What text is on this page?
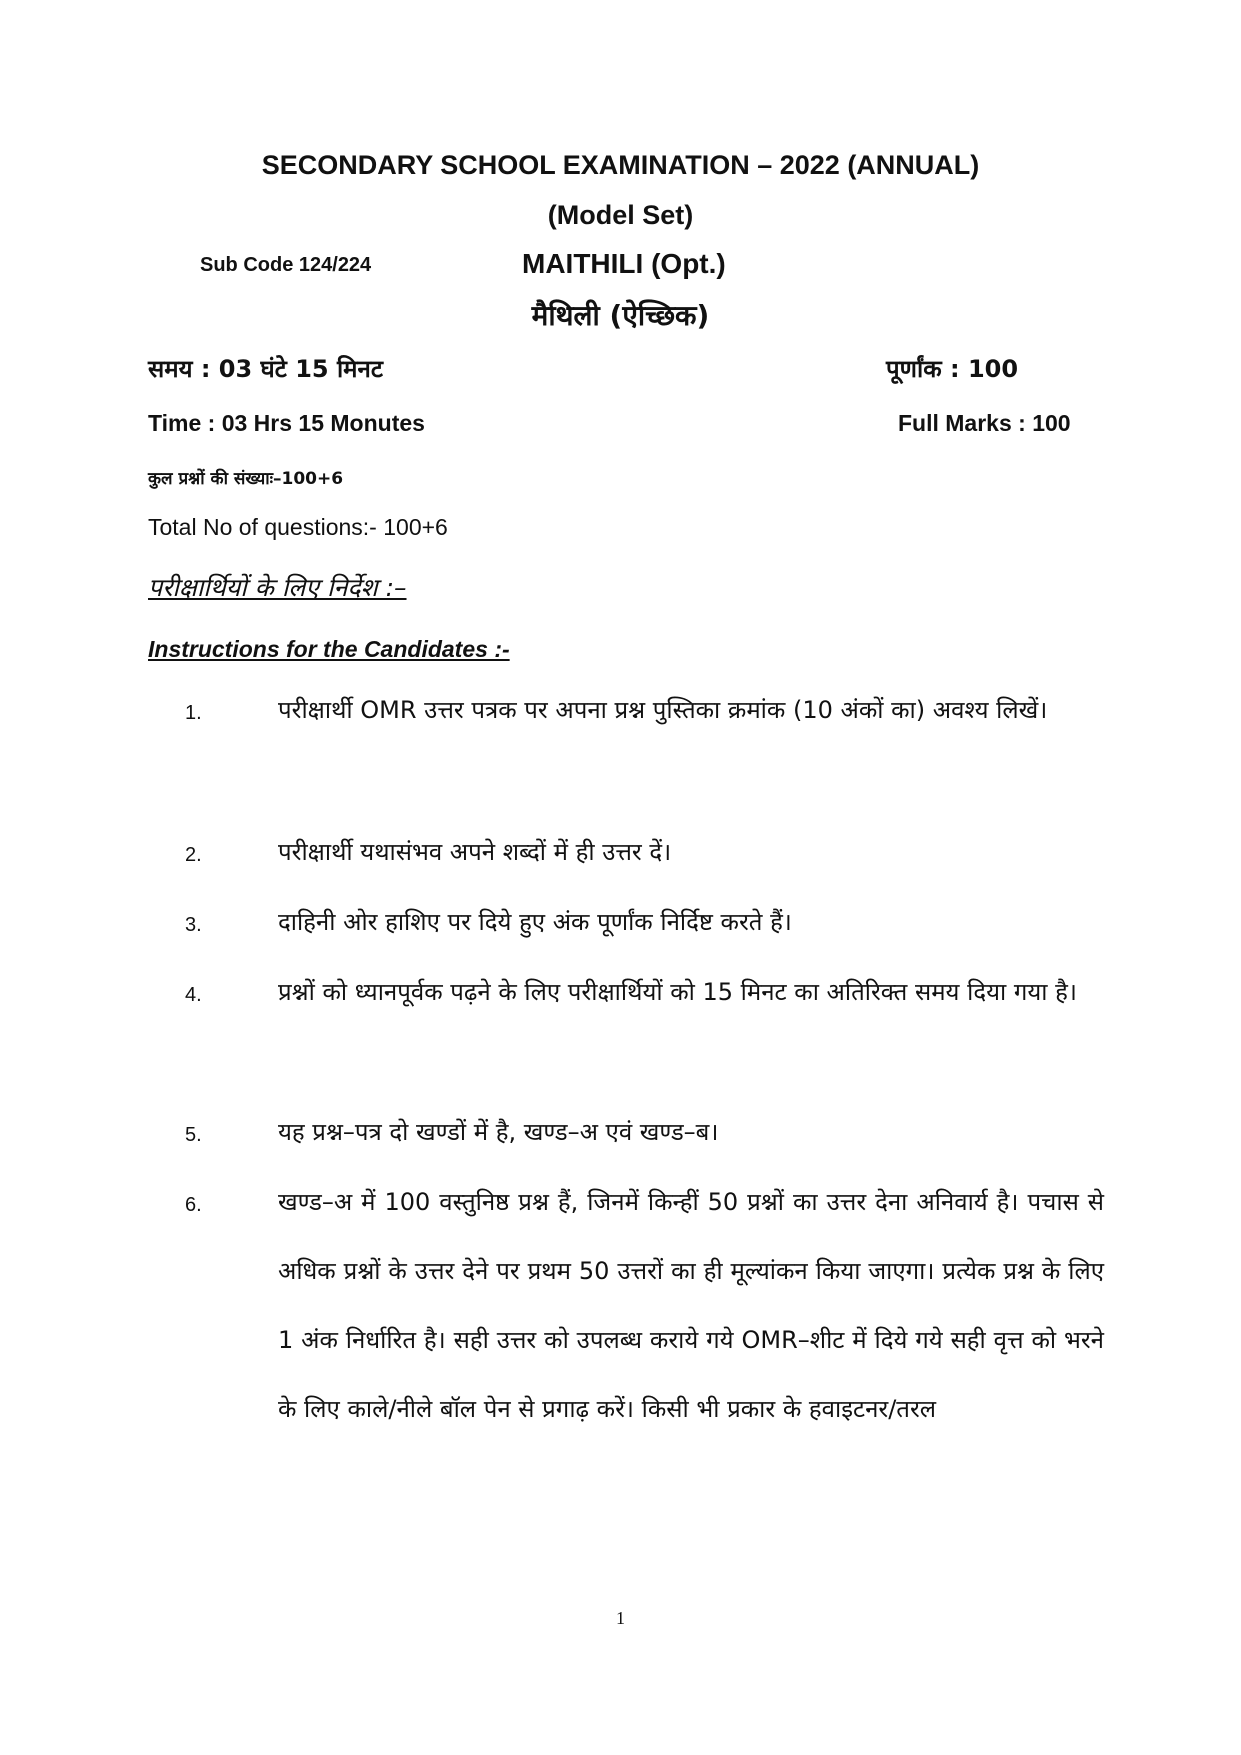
SECONDARY SCHOOL EXAMINATION – 2022 (ANNUAL)
(Model Set)
Sub Code 124/224	MAITHILI (Opt.)
मैथिली (ऐच्छिक)
समय : 03 घंटे 15 मिनट	पूर्णांक : 100
Time : 03 Hrs 15 Monutes	Full Marks : 100
कुल प्रश्नों की संख्याः–100+6
Total No of questions:- 100+6
परीक्षार्थियों के लिए निर्देश :–
Instructions for the Candidates :-
1.	परीक्षार्थी OMR उत्तर पत्रक पर अपना प्रश्न पुस्तिका क्रमांक (10 अंकों का) अवश्य लिखें।
2.	परीक्षार्थी यथासंभव अपने शब्दों में ही उत्तर दें।
3.	दाहिनी ओर हाशिए पर दिये हुए अंक पूर्णांक निर्दिष्ट करते हैं।
4.	प्रश्नों को ध्यानपूर्वक पढ़ने के लिए परीक्षार्थियों को 15 मिनट का अतिरिक्त समय दिया गया है।
5.	यह प्रश्न–पत्र दो खण्डों में है, खण्ड–अ एवं खण्ड–ब।
6.	खण्ड–अ में 100 वस्तुनिष्ठ प्रश्न हैं, जिनमें किन्हीं 50 प्रश्नों का उत्तर देना अनिवार्य है। पचास से अधिक प्रश्नों के उत्तर देने पर प्रथम 50 उत्तरों का ही मूल्यांकन किया जाएगा। प्रत्येक प्रश्न के लिए 1 अंक निर्धारित है। सही उत्तर को उपलब्ध कराये गये OMR–शीट में दिये गये सही वृत्त को भरने के लिए काले/नीले बॉल पेन से प्रगाढ़ करें। किसी भी प्रकार के हवाइटनर/तरल
1
